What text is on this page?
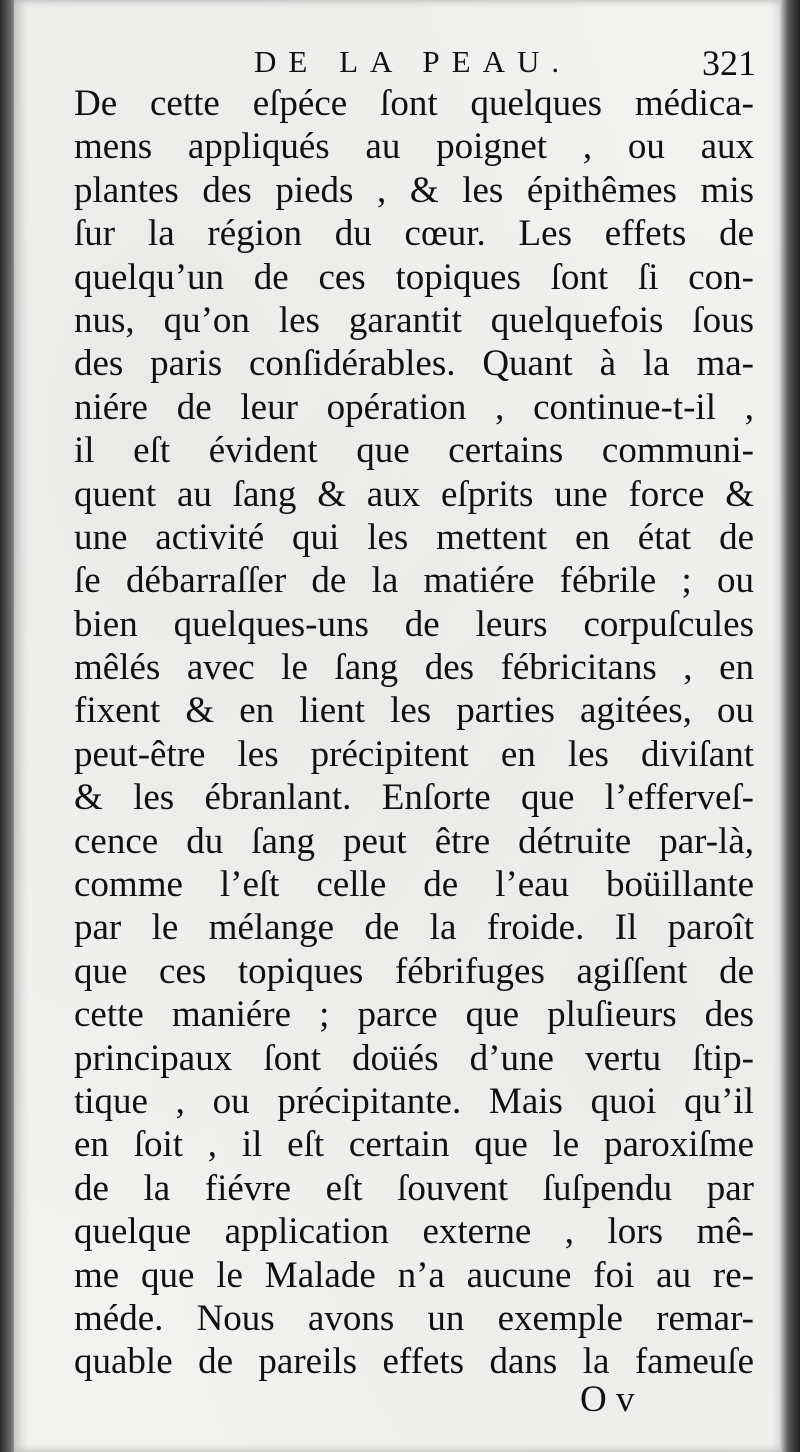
DE LA PEAU.	321
De cette eſpéce ſont quelques médica-
mens appliqués au poignet , ou aux
plantes des pieds , & les épithêmes mis
ſur la région du cœur. Les effets de
quelqu’un de ces topiques ſont ſi con-
nus, qu’on les garantit quelquefois ſous
des paris conſidérables. Quant à la ma-
niére de leur opération , continue-t-il ,
il eſt évident que certains communi-
quent au ſang & aux eſprits une force &
une activité qui les mettent en état de
ſe débarraſſer de la matiére fébrile ; ou
bien quelques-uns de leurs corpuſcules
mêlés avec le ſang des fébricitans , en
fixent & en lient les parties agitées, ou
peut-être les précipitent en les diviſant
& les ébranlant. Enſorte que l’efferveſ-
cence du ſang peut être détruite par-là,
comme l’eſt celle de l’eau boüillante
par le mélange de la froide. Il paroît
que ces topiques fébrifuges agiſſent de
cette maniére ; parce que pluſieurs des
principaux ſont doüés d’une vertu ſtip-
tique , ou précipitante. Mais quoi qu’il
en ſoit , il eſt certain que le paroxiſme
de la fiévre eſt ſouvent ſuſpendu par
quelque application externe , lors mê-
me que le Malade n’a aucune foi au re-
méde. Nous avons un exemple remar-
quable de pareils effets dans la fameuſe
O v
